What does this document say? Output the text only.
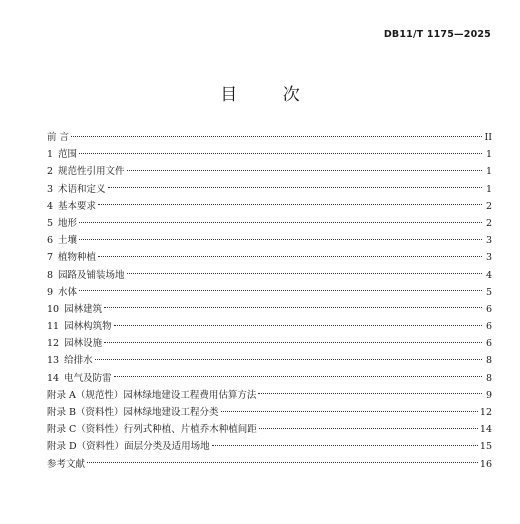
DB11/T 1175—2025
目 次
前 言	II
1 范围	1
2 规范性引用文件	1
3 术语和定义	1
4 基本要求	2
5 地形	2
6 土壤	3
7 植物种植	3
8 园路及铺装场地	4
9 水体	5
10 园林建筑	6
11 园林构筑物	6
12 园林设施	6
13 给排水	8
14 电气及防雷	8
附录 A（规范性）园林绿地建设工程费用估算方法	9
附录 B（资料性）园林绿地建设工程分类	12
附录 C（资料性）行列式种植、片植乔木种植间距	14
附录 D（资料性）面层分类及适用场地	15
参考文献	16
